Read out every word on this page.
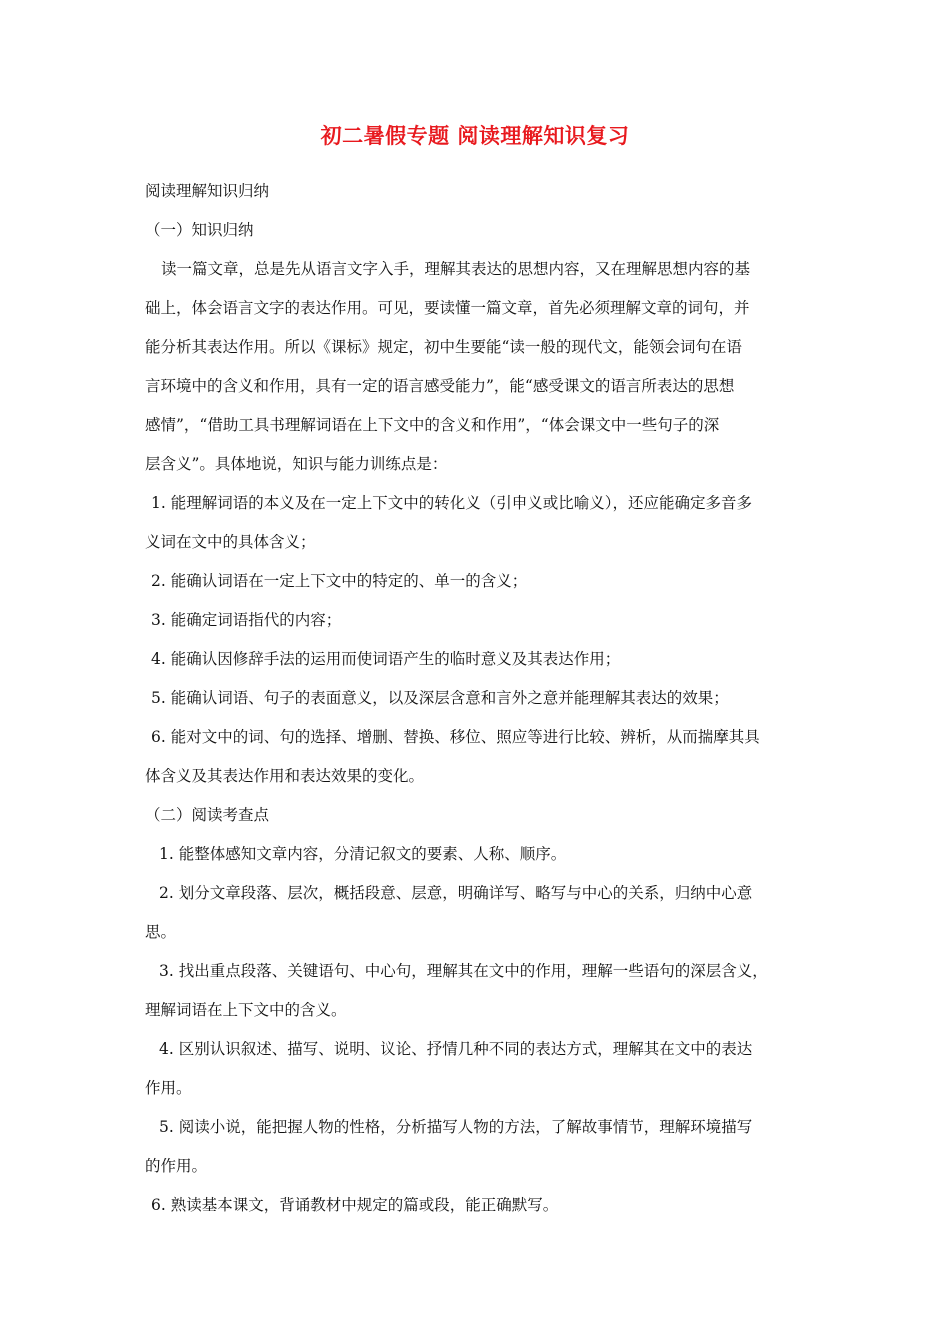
初二暑假专题 阅读理解知识复习
阅读理解知识归纳
（一）知识归纳
读一篇文章，总是先从语言文字入手，理解其表达的思想内容，又在理解思想内容的基
础上，体会语言文字的表达作用。可见，要读懂一篇文章，首先必须理解文章的词句，并
能分析其表达作用。所以《课标》规定，初中生要能“读一般的现代文，能领会词句在语
言环境中的含义和作用，具有一定的语言感受能力”，能“感受课文的语言所表达的思想
感情”，“借助工具书理解词语在上下文中的含义和作用”，“体会课文中一些句子的深
层含义”。具体地说，知识与能力训练点是：
1. 能理解词语的本义及在一定上下文中的转化义（引申义或比喻义），还应能确定多音多
义词在文中的具体含义；
2. 能确认词语在一定上下文中的特定的、单一的含义；
3. 能确定词语指代的内容；
4. 能确认因修辞手法的运用而使词语产生的临时意义及其表达作用；
5. 能确认词语、句子的表面意义，以及深层含意和言外之意并能理解其表达的效果；
6. 能对文中的词、句的选择、增删、替换、移位、照应等进行比较、辨析，从而揣摩其具
体含义及其表达作用和表达效果的变化。
（二）阅读考查点
1. 能整体感知文章内容，分清记叙文的要素、人称、顺序。
2. 划分文章段落、层次，概括段意、层意，明确详写、略写与中心的关系，归纳中心意
思。
3. 找出重点段落、关键语句、中心句，理解其在文中的作用，理解一些语句的深层含义，
理解词语在上下文中的含义。
4. 区别认识叙述、描写、说明、议论、抒情几种不同的表达方式，理解其在文中的表达
作用。
5. 阅读小说，能把握人物的性格，分析描写人物的方法，了解故事情节，理解环境描写
的作用。
6. 熟读基本课文，背诵教材中规定的篇或段，能正确默写。
